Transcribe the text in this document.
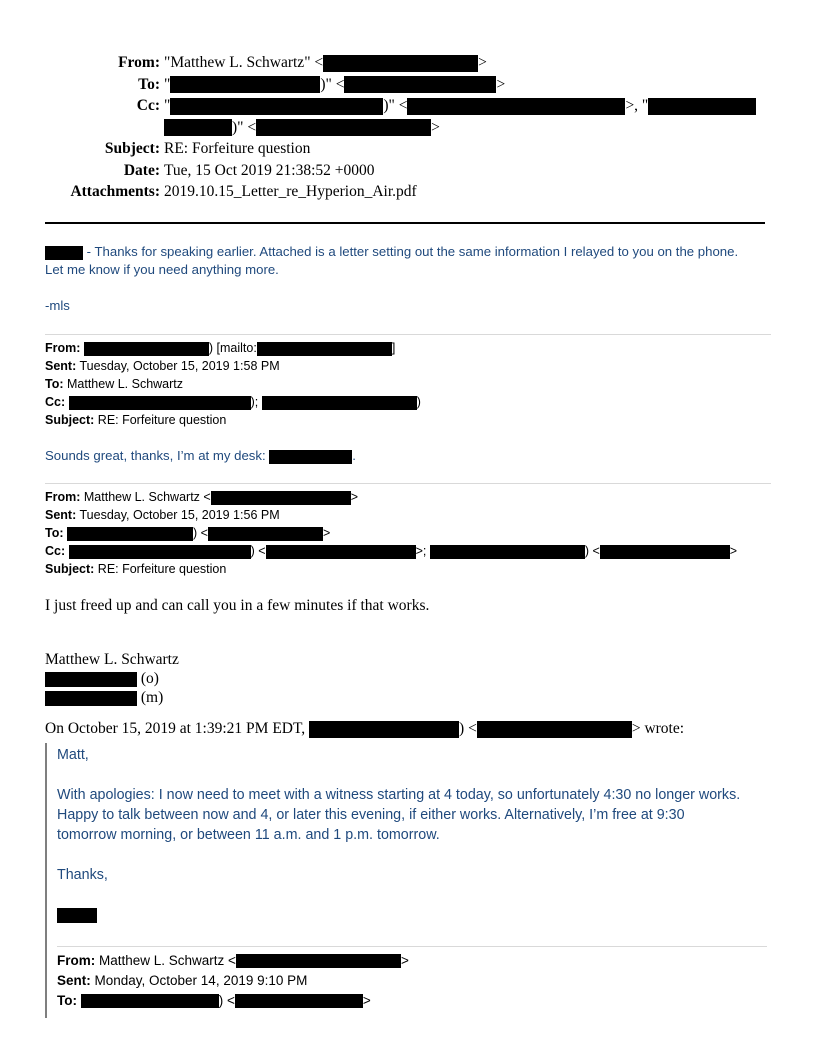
From: "Matthew L. Schwartz" <	>
To: "	)" <	>
Cc: "	)" <	>, "
)" <	>
Subject: RE: Forfeiture question
Date: Tue, 15 Oct 2019 21:38:52 +0000
Attachments: 2019.10.15_Letter_re_Hyperion_Air.pdf
- Thanks for speaking earlier. Attached is a letter setting out the same information I relayed to you on the phone.
Let me know if you need anything more.
-mls
From:	) [mailto:	]
Sent: Tuesday, October 15, 2019 1:58 PM
To: Matthew L. Schwartz
Cc:	);	)
Subject: RE: Forfeiture question
Sounds great, thanks, I’m at my desk:	.
From: Matthew L. Schwartz <	>
Sent: Tuesday, October 15, 2019 1:56 PM
To:	) <	>
Cc:	) <	>;	) <	>
Subject: RE: Forfeiture question
I just freed up and can call you in a few minutes if that works.
Matthew L. Schwartz
(o)
(m)
On October 15, 2019 at 1:39:21 PM EDT,	) <	> wrote:
Matt,
With apologies: I now need to meet with a witness starting at 4 today, so unfortunately 4:30 no longer works.
Happy to talk between now and 4, or later this evening, if either works. Alternatively, I’m free at 9:30
tomorrow morning, or between 11 a.m. and 1 p.m. tomorrow.
Thanks,
From: Matthew L. Schwartz <	>
Sent: Monday, October 14, 2019 9:10 PM
To:	) <	>
